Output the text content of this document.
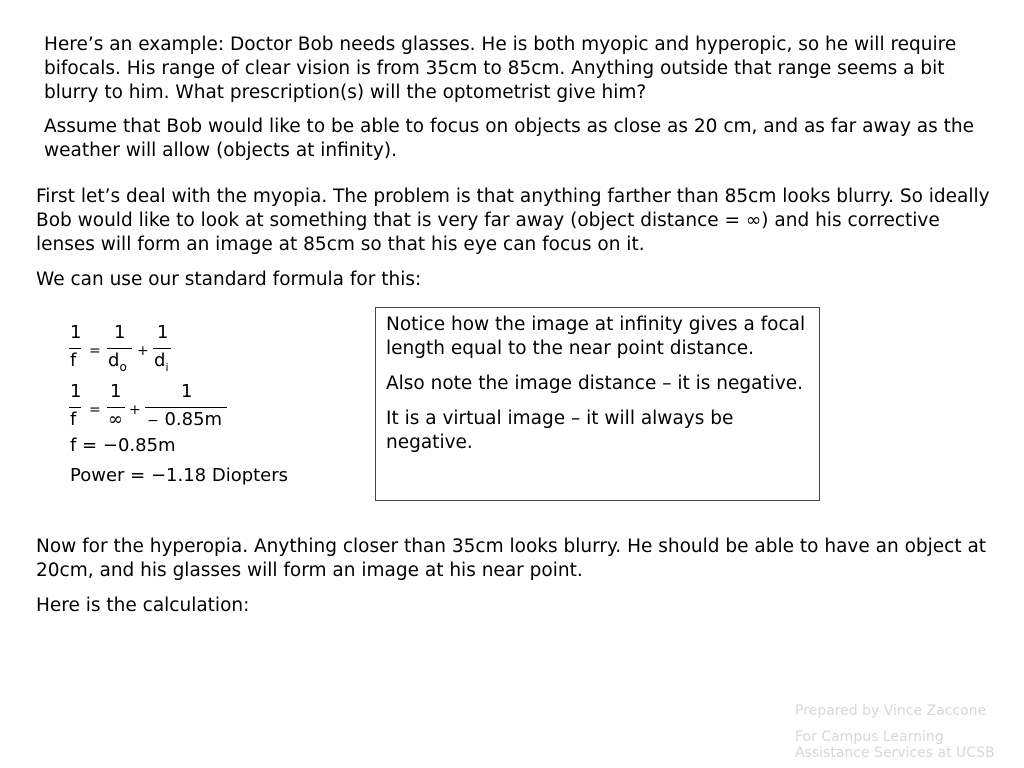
Here’s an example: Doctor Bob needs glasses. He is both myopic and hyperopic, so he will require bifocals. His range of clear vision is from 35cm to 85cm. Anything outside that range seems a bit blurry to him. What prescription(s) will the optometrist give him?

Assume that Bob would like to be able to focus on objects as close as 20 cm, and as far away as the weather will allow (objects at infinity).

First let’s deal with the myopia. The problem is that anything farther than 85cm looks blurry. So ideally Bob would like to look at something that is very far away (object distance = ∞) and his corrective lenses will form an image at 85cm so that his eye can focus on it.

We can use our standard formula for this:

1
f =
1
$d_o$
+
1
$d_i$
1
f =
1
∞ +
1
− 0.85m
f = −0.85m
Power = −1.18 Diopters

Notice how the image at infinity gives a focal length equal to the near point distance.

Also note the image distance – it is negative.

It is a virtual image – it will always be negative.

Now for the hyperopia. Anything closer than 35cm looks blurry. He should be able to have an object at 20cm, and his glasses will form an image at his near point.

Here is the calculation:

Prepared by Vince Zaccone

For Campus Learning Assistance Services at UCSB
